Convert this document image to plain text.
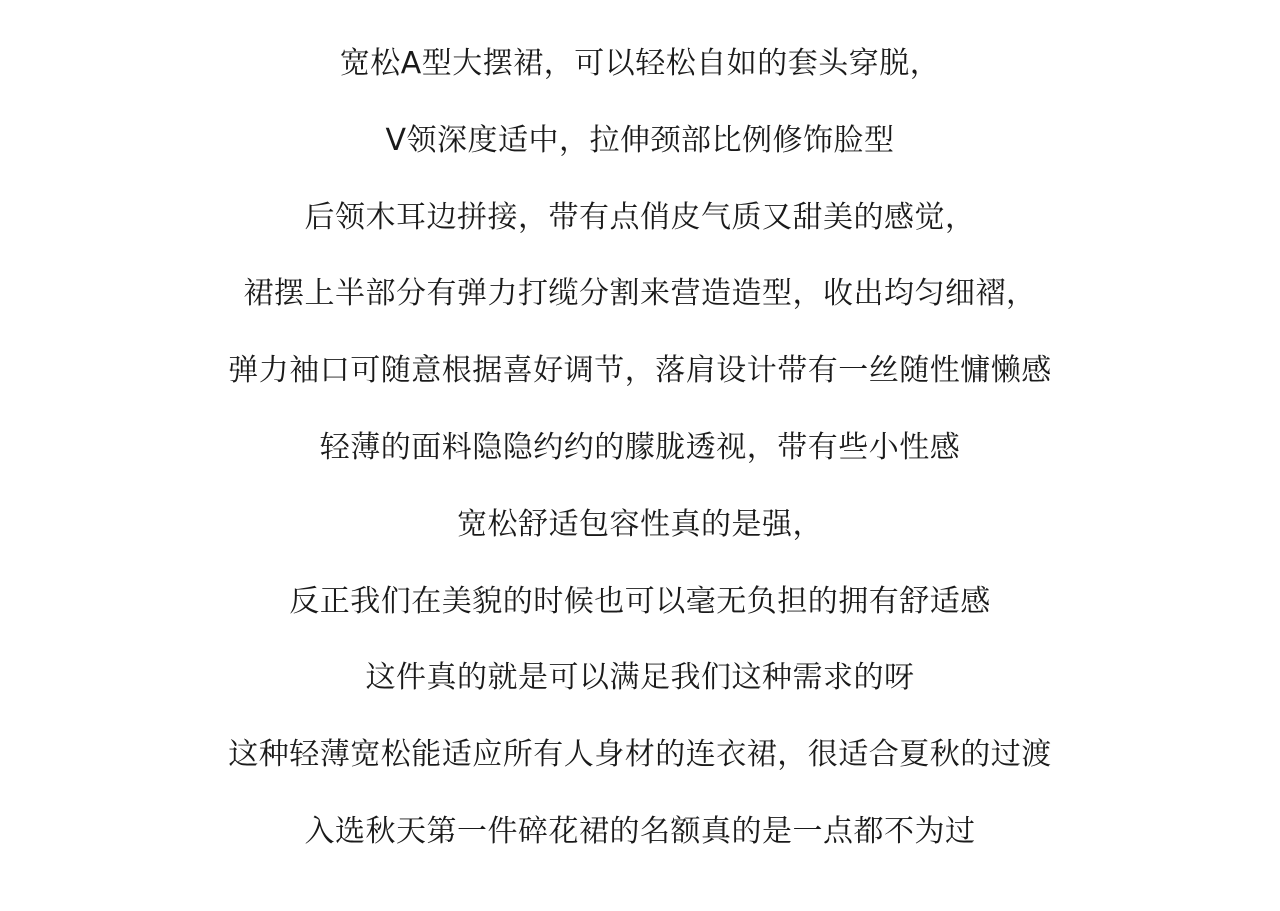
宽松A型大摆裙，可以轻松自如的套头穿脱，
V领深度适中，拉伸颈部比例修饰脸型
后领木耳边拼接，带有点俏皮气质又甜美的感觉，
裙摆上半部分有弹力打缆分割来营造造型，收出均匀细褶，
弹力袖口可随意根据喜好调节，落肩设计带有一丝随性慵懒感
轻薄的面料隐隐约约的朦胧透视，带有些小性感
宽松舒适包容性真的是强，
反正我们在美貌的时候也可以毫无负担的拥有舒适感
这件真的就是可以满足我们这种需求的呀
这种轻薄宽松能适应所有人身材的连衣裙，很适合夏秋的过渡
入选秋天第一件碎花裙的名额真的是一点都不为过
